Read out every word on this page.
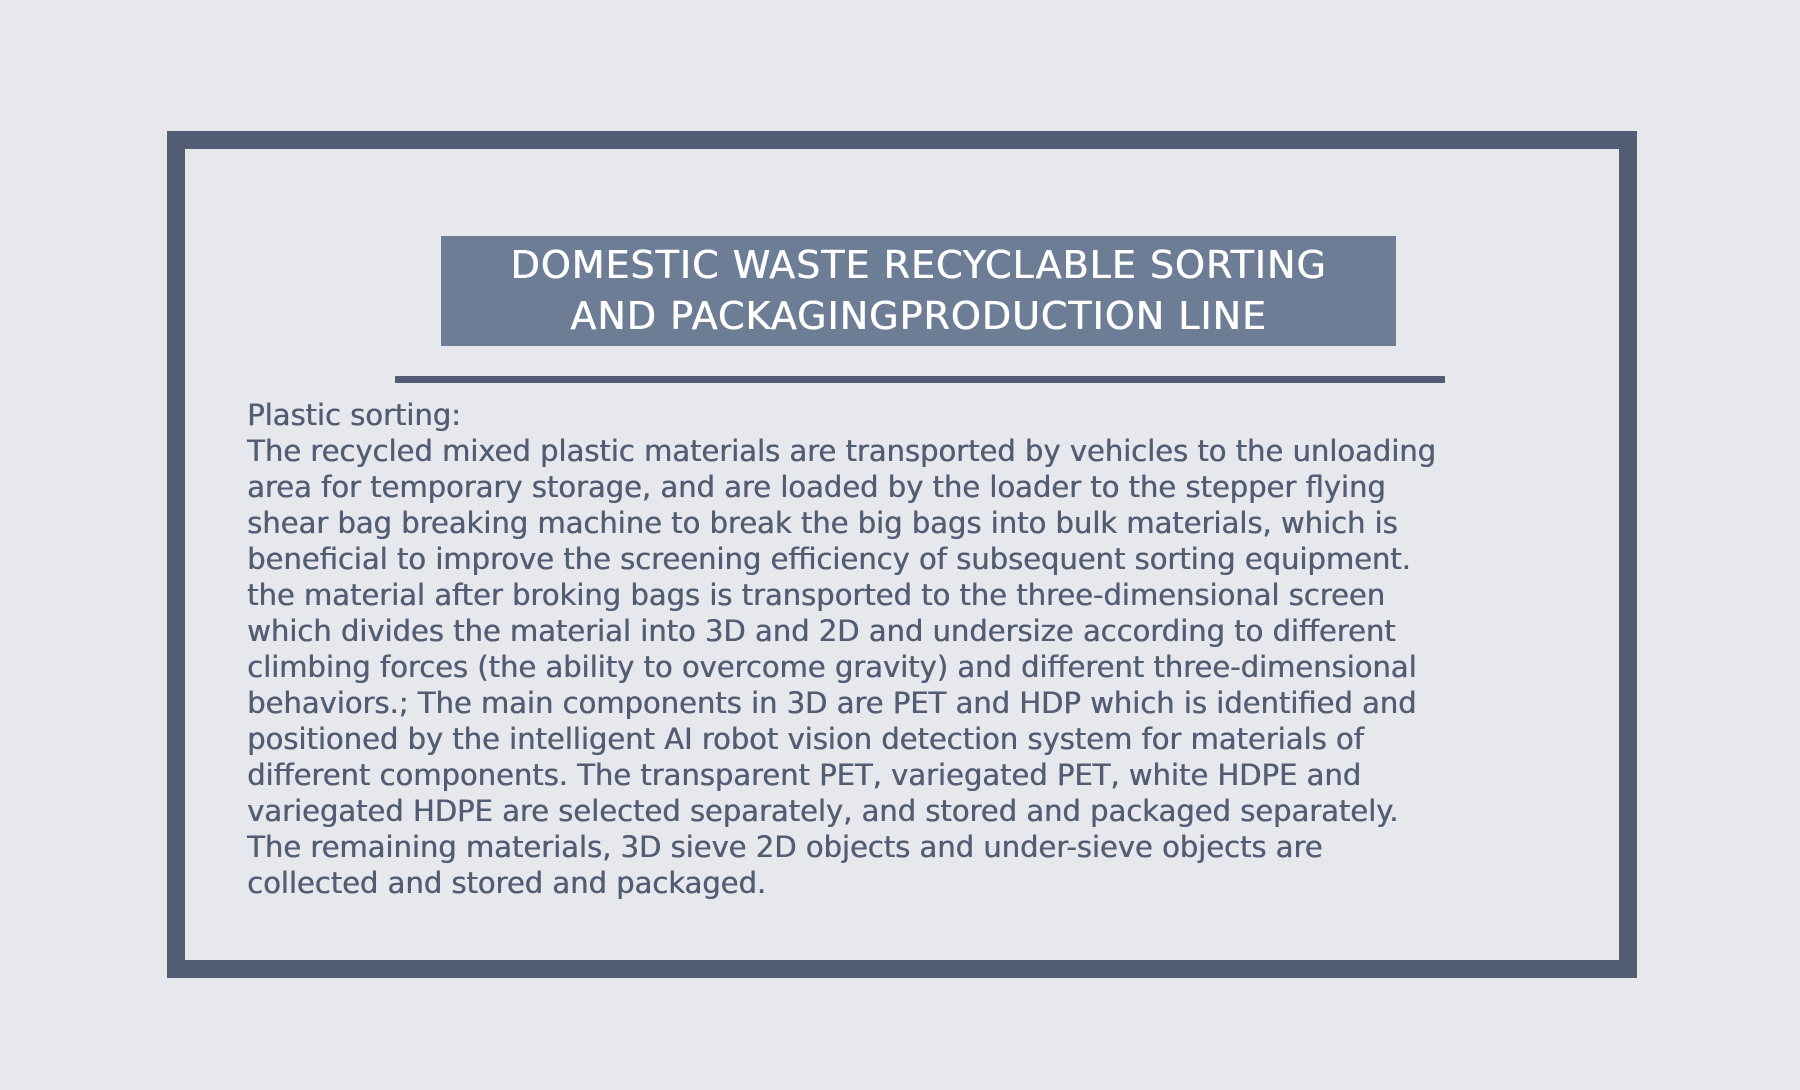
DOMESTIC WASTE RECYCLABLE SORTING
AND PACKAGINGPRODUCTION LINE
Plastic sorting:

The recycled mixed plastic materials are transported by vehicles to the unloading
area for temporary storage, and are loaded by the loader to the stepper flying
shear bag breaking machine to break the big bags into bulk materials, which is
beneficial to improve the screening efficiency of subsequent sorting equipment.
the material after broking bags is transported to the three-dimensional screen
which divides the material into 3D and 2D and undersize according to different
climbing forces (the ability to overcome gravity) and different three-dimensional
behaviors.; The main components in 3D are PET and HDP which is identified and
positioned by the intelligent AI robot vision detection system for materials of
different components. The transparent PET, variegated PET, white HDPE and
variegated HDPE are selected separately, and stored and packaged separately.
The remaining materials, 3D sieve 2D objects and under-sieve objects are
collected and stored and packaged.
